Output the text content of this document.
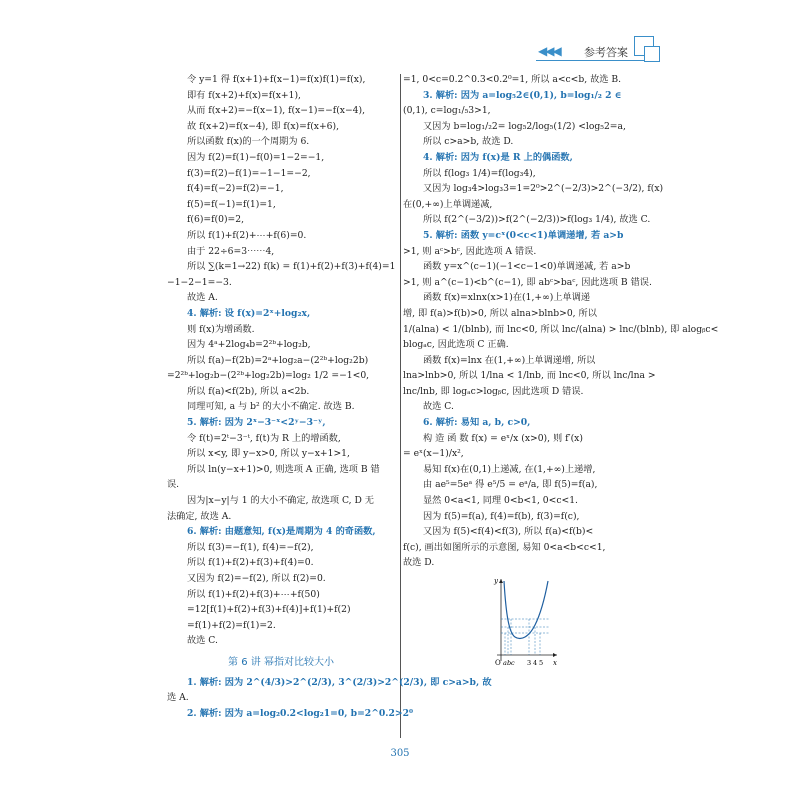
◀◀◀ 参考答案
令 y=1 得 f(x+1)+f(x−1)=f(x)f(1)=f(x),
即有 f(x+2)+f(x)=f(x+1),
从而 f(x+2)=−f(x−1), f(x−1)=−f(x−4),
故 f(x+2)=f(x−4), 即 f(x)=f(x+6),
所以函数 f(x)的一个周期为 6.
因为 f(2)=f(1)−f(0)=1−2=−1,
f(3)=f(2)−f(1)=−1−1=−2,
f(4)=f(−2)=f(2)=−1,
f(5)=f(−1)=f(1)=1,
f(6)=f(0)=2,
所以 f(1)+f(2)+⋯+f(6)=0.
由于 22÷6=3⋯⋯4,
所以 ∑(k=1→22) f(k) = f(1)+f(2)+f(3)+f(4)=1
−1−2−1=−3.
故选 A.
4. 解析: 设 f(x)=2ˣ+log₂x,
则 f(x)为增函数.
因为 4ᵃ+2log₄b=2²ᵇ+log₂b,
所以 f(a)−f(2b)=2ᵃ+log₂a−(2²ᵇ+log₂2b)
=2²ᵇ+log₂b−(2²ᵇ+log₂2b)=log₂ 1/2 =−1<0,
所以 f(a)<f(2b), 所以 a<2b.
同理可知, a 与 b² 的大小不确定. 故选 B.
5. 解析: 因为 2ˣ−3⁻ˣ<2ʸ−3⁻ʸ,
令 f(t)=2ᵗ−3⁻ᵗ, f(t)为 R 上的增函数,
所以 x<y, 即 y−x>0, 所以 y−x+1>1,
所以 ln(y−x+1)>0, 则选项 A 正确, 选项 B 错
误.
因为|x−y|与 1 的大小不确定, 故选项 C, D 无
法确定, 故选 A.
6. 解析: 由题意知, f(x)是周期为 4 的奇函数,
所以 f(3)=−f(1), f(4)=−f(2),
所以 f(1)+f(2)+f(3)+f(4)=0.
又因为 f(2)=−f(2), 所以 f(2)=0.
所以 f(1)+f(2)+f(3)+⋯+f(50)
=12[f(1)+f(2)+f(3)+f(4)]+f(1)+f(2)
=f(1)+f(2)=f(1)=2.
故选 C.
第 6 讲 幂指对比较大小
1. 解析: 因为 2^(4/3)>2^(2/3), 3^(2/3)>2^(2/3), 即 c>a>b, 故
选 A.
2. 解析: 因为 a=log₂0.2<log₂1=0, b=2^0.2>2⁰
=1, 0<c=0.2^0.3<0.2⁰=1, 所以 a<c<b, 故选 B.
3. 解析: 因为 a=log₅2∈(0,1), b=log₁/₂ 2 ∈
(0,1), c=log₁/₅3>1,
又因为 b=log₁/₂2= log₅2/log₅(1/2) <log₅2=a,
所以 c>a>b, 故选 D.
4. 解析: 因为 f(x)是 R 上的偶函数,
所以 f(log₃ 1/4)=f(log₃4),
又因为 log₃4>log₃3=1=2⁰>2^(−2/3)>2^(−3/2), f(x)
在(0,+∞)上单调递减,
所以 f(2^(−3/2))>f(2^(−2/3))>f(log₃ 1/4), 故选 C.
5. 解析: 函数 y=cˣ(0<c<1)单调递增, 若 a>b
>1, 则 aᶜ>bᶜ, 因此选项 A 错误.
函数 y=x^(c−1)(−1<c−1<0)单调递减, 若 a>b
>1, 则 a^(c−1)<b^(c−1), 即 abᶜ>baᶜ, 因此选项 B 错误.
函数 f(x)=xlnx(x>1)在(1,+∞)上单调递
增, 即 f(a)>f(b)>0, 所以 alna>blnb>0, 所以
1/(alna) < 1/(blnb), 而 lnc<0, 所以 lnc/(alna) > lnc/(blnb), 即 alogᵦc<
blogₐc, 因此选项 C 正确.
函数 f(x)=lnx 在(1,+∞)上单调递增, 所以
lna>lnb>0, 所以 1/lna < 1/lnb, 而 lnc<0, 所以 lnc/lna >
lnc/lnb, 即 logₐc>logᵦc, 因此选项 D 错误.
故选 C.
6. 解析: 易知 a, b, c>0,
构 造 函 数 f(x) = eˣ/x (x>0), 则 f′(x)
= eˣ(x−1)/x²,
易知 f(x)在(0,1)上递减, 在(1,+∞)上递增,
由 ae⁵=5eᵃ 得 e⁵/5 = eᵃ/a, 即 f(5)=f(a),
显然 0<a<1, 同理 0<b<1, 0<c<1.
因为 f(5)=f(a), f(4)=f(b), f(3)=f(c),
又因为 f(5)<f(4)<f(3), 所以 f(a)<f(b)<
f(c), 画出如图所示的示意图, 易知 0<a<b<c<1,
故选 D.
y
x
O a b c 3 4 5
305
